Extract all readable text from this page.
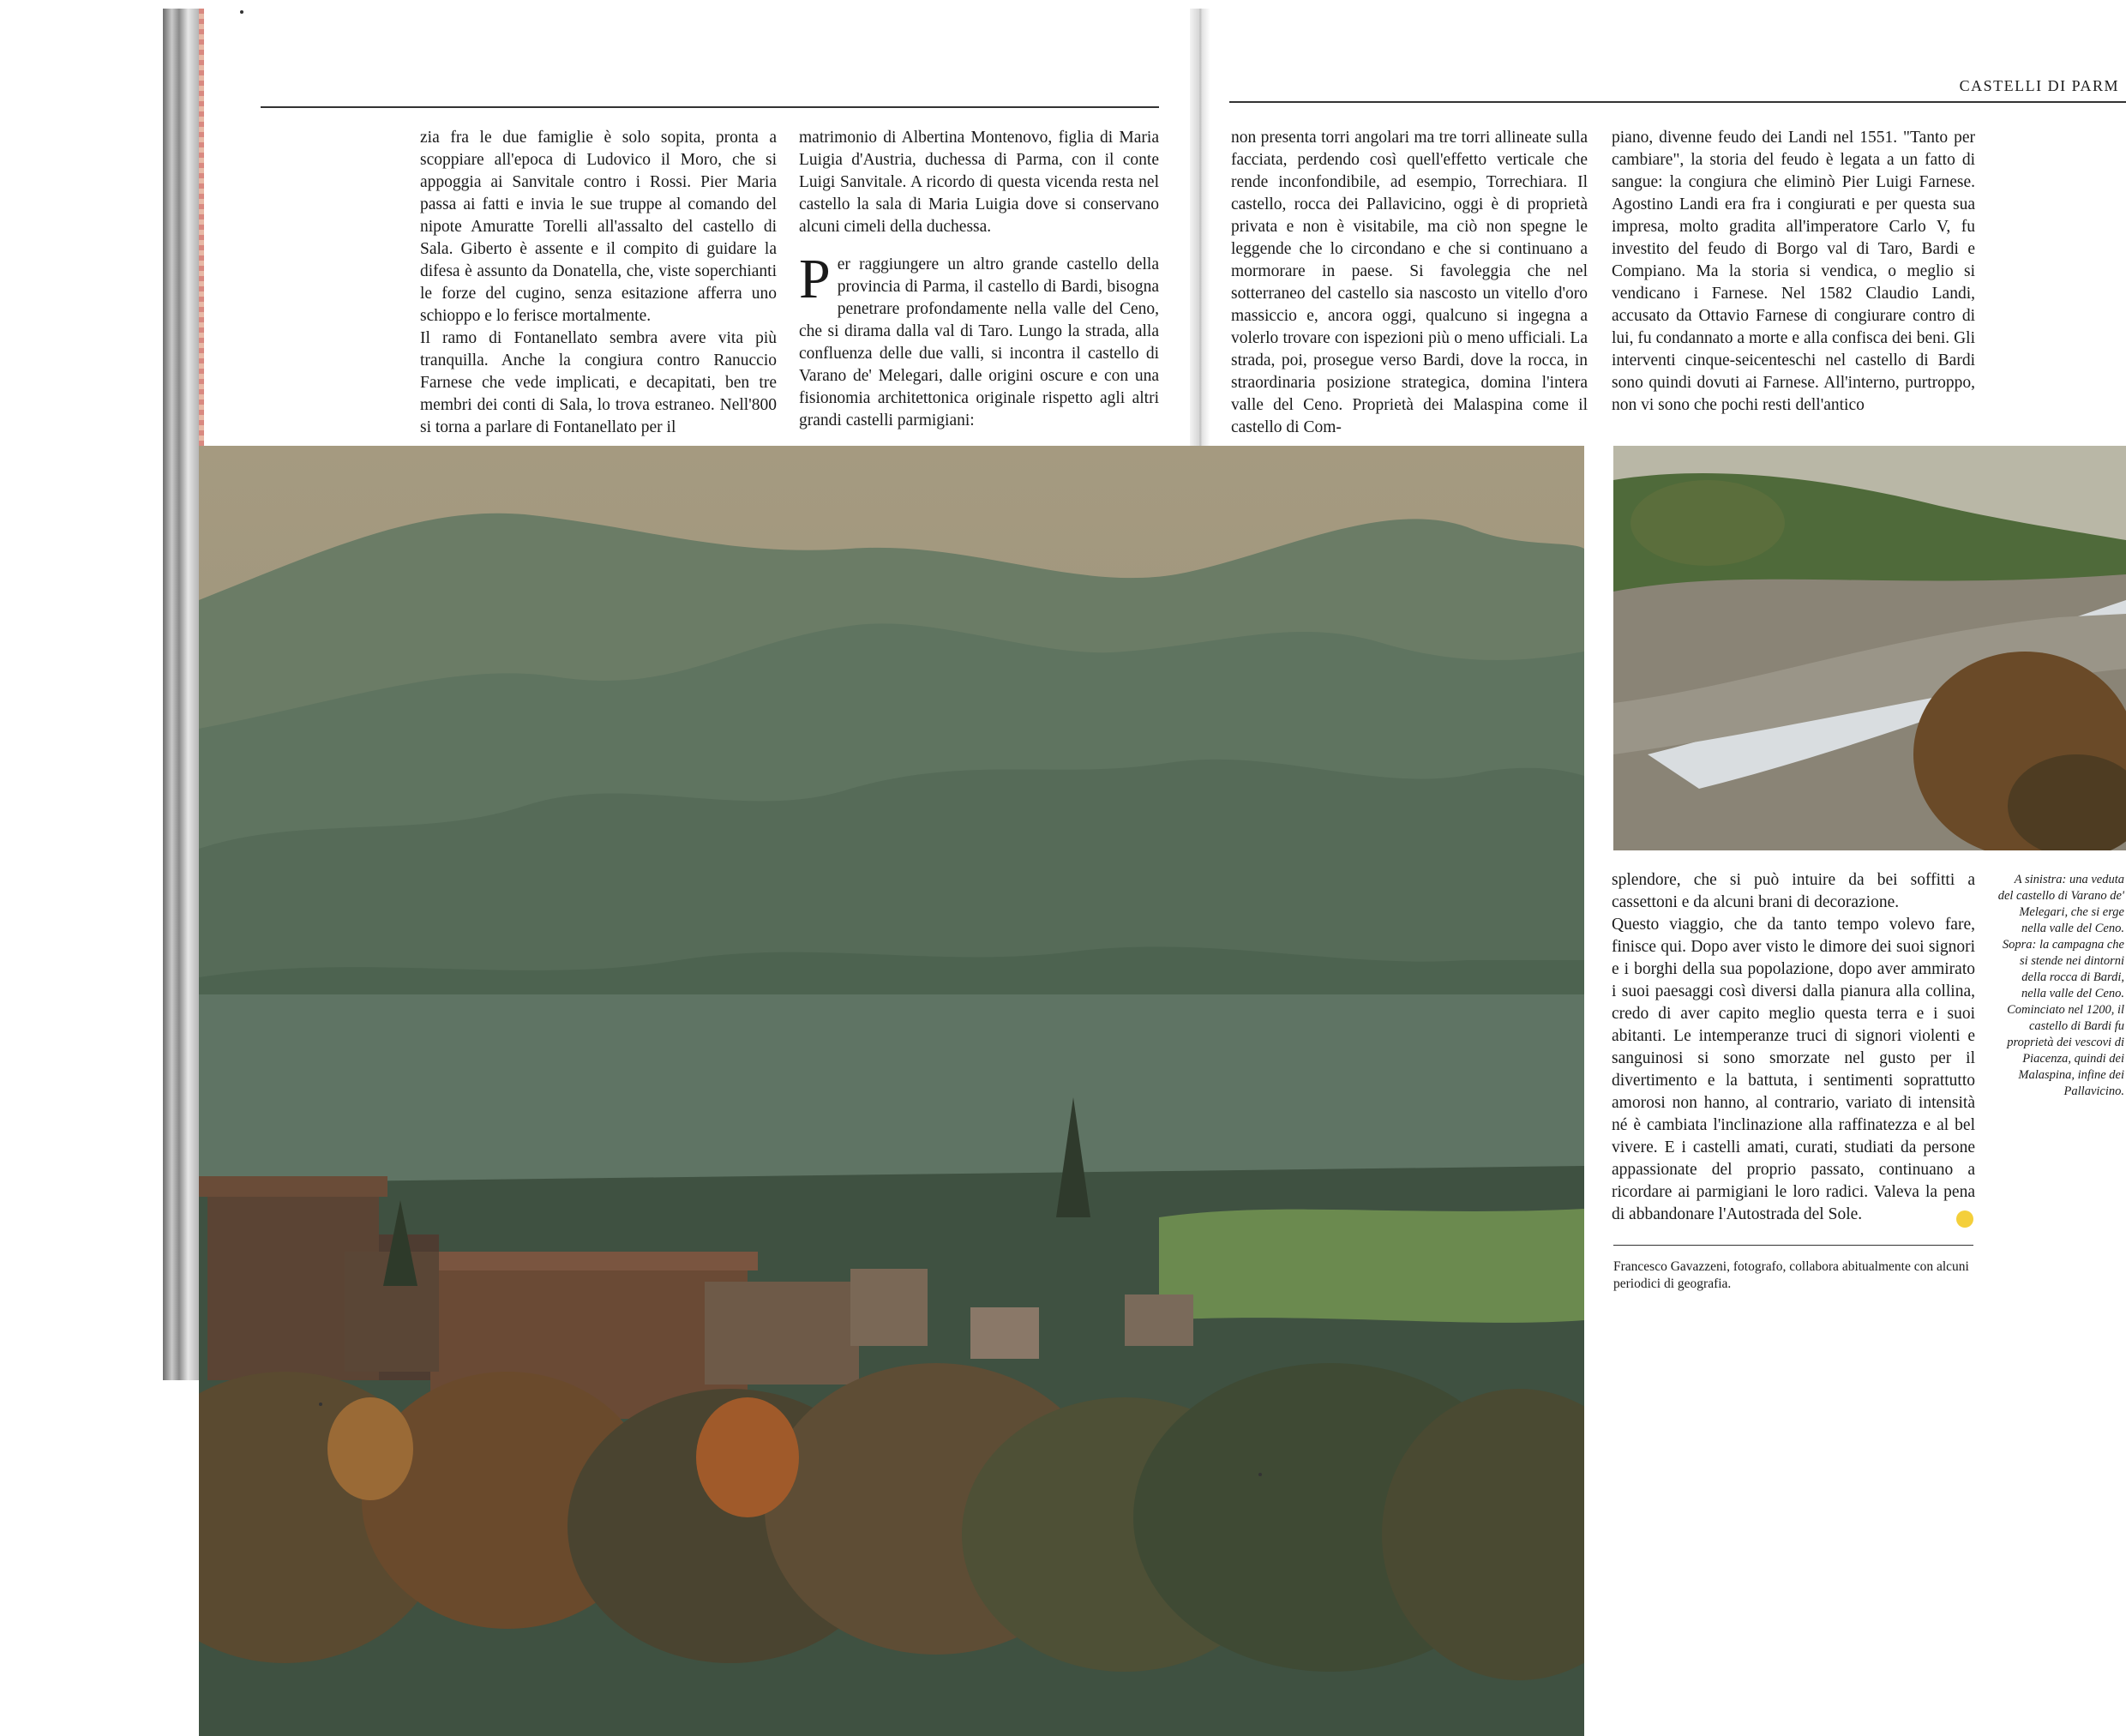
CASTELLI DI PARM

zia fra le due famiglie è solo sopita, pronta a scoppiare all'epoca di Ludovico il Moro, che si appoggia ai Sanvitale contro i Rossi. Pier Maria passa ai fatti e invia le sue truppe al comando del nipote Amuratte Torelli all'assalto del castello di Sala. Giberto è assente e il compito di guidare la difesa è assunto da Donatella, che, viste soperchianti le forze del cugino, senza esitazione afferra uno schioppo e lo ferisce mortalmente.

Il ramo di Fontanellato sembra avere vita più tranquilla. Anche la congiura contro Ranuccio Farnese che vede implicati, e decapitati, ben tre membri dei conti di Sala, lo trova estraneo. Nell'800 si torna a parlare di Fontanellato per il

matrimonio di Albertina Montenovo, figlia di Maria Luigia d'Austria, duchessa di Parma, con il conte Luigi Sanvitale. A ricordo di questa vicenda resta nel castello la sala di Maria Luigia dove si conservano alcuni cimeli della duchessa.

Per raggiungere un altro grande castello della provincia di Parma, il castello di Bardi, bisogna penetrare profondamente nella valle del Ceno, che si dirama dalla val di Taro. Lungo la strada, alla confluenza delle due valli, si incontra il castello di Varano de' Melegari, dalle origini oscure e con una fisionomia architettonica originale rispetto agli altri grandi castelli parmigiani:

non presenta torri angolari ma tre torri allineate sulla facciata, perdendo così quell'effetto verticale che rende inconfondibile, ad esempio, Torrechiara. Il castello, rocca dei Pallavicino, oggi è di proprietà privata e non è visitabile, ma ciò non spegne le leggende che lo circondano e che si continuano a mormorare in paese. Si favoleggia che nel sotterraneo del castello sia nascosto un vitello d'oro massiccio e, ancora oggi, qualcuno si ingegna a volerlo trovare con ispezioni più o meno ufficiali. La strada, poi, prosegue verso Bardi, dove la rocca, in straordinaria posizione strategica, domina l'intera valle del Ceno. Proprietà dei Malaspina come il castello di Com-

piano, divenne feudo dei Landi nel 1551. "Tanto per cambiare", la storia del feudo è legata a un fatto di sangue: la congiura che eliminò Pier Luigi Farnese. Agostino Landi era fra i congiurati e per questa sua impresa, molto gradita all'imperatore Carlo V, fu investito del feudo di Borgo val di Taro, Bardi e Compiano. Ma la storia si vendica, o meglio si vendicano i Farnese. Nel 1582 Claudio Landi, accusato da Ottavio Farnese di congiurare contro di lui, fu condannato a morte e alla confisca dei beni. Gli interventi cinque-seicenteschi nel castello di Bardi sono quindi dovuti ai Farnese. All'interno, purtroppo, non vi sono che pochi resti dell'antico

splendore, che si può intuire da bei soffitti a cassettoni e da alcuni brani di decorazione.

Questo viaggio, che da tanto tempo volevo fare, finisce qui. Dopo aver visto le dimore dei suoi signori e i borghi della sua popolazione, dopo aver ammirato i suoi paesaggi così diversi dalla pianura alla collina, credo di aver capito meglio questa terra e i suoi abitanti. Le intemperanze truci di signori violenti e sanguinosi si sono smorzate nel gusto per il divertimento e la battuta, i sentimenti soprattutto amorosi non hanno, al contrario, variato di intensità né è cambiata l'inclinazione alla raffinatezza e al bel vivere. E i castelli amati, curati, studiati da persone appassionate del proprio passato, continuano a ricordare ai parmigiani le loro radici. Valeva la pena di abbandonare l'Autostrada del Sole.

Francesco Gavazzeni, fotografo, collabora abitualmente con alcuni periodici di geografia.
A sinistra: una veduta del castello di Varano de' Melegari, che si erge nella valle del Ceno. Sopra: la campagna che si stende nei dintorni della rocca di Bardi, nella valle del Ceno. Cominciato nel 1200, il castello di Bardi fu proprietà dei vescovi di Piacenza, quindi dei Malaspina, infine dei Pallavicino.
